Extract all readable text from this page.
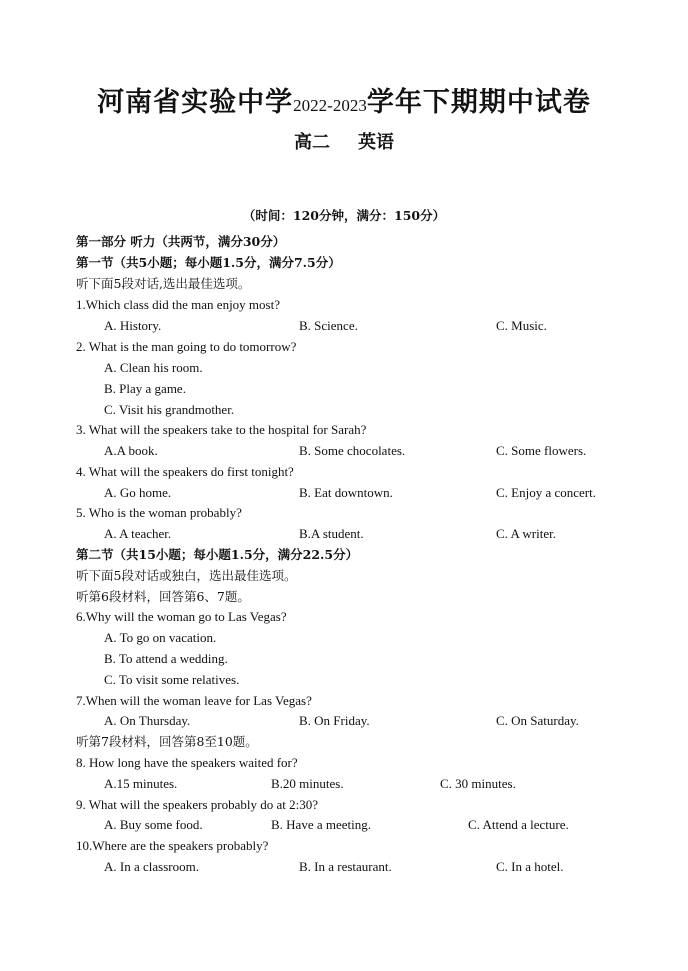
河南省实验中学2022-2023学年下期期中试卷
高二 英语
（时间：120分钟，满分：150分）
第一部分 听力（共两节，满分30分）
第一节（共5小题；每小题1.5分，满分7.5分）
听下面5段对话,选出最佳选项。
1.Which class did the man enjoy most?
A. History.	B. Science.	C. Music.
2. What is the man going to do tomorrow?
A. Clean his room.
B. Play a game.
C. Visit his grandmother.
3. What will the speakers take to the hospital for Sarah?
A.A book.	B. Some chocolates.	C. Some flowers.
4. What will the speakers do first tonight?
A. Go home.	B. Eat downtown.	C. Enjoy a concert.
5. Who is the woman probably?
A. A teacher.	B.A student.	C. A writer.
第二节（共15小题；每小题1.5分，满分22.5分）
听下面5段对话或独白，选出最佳选项。
听第6段材料，回答第6、7题。
6.Why will the woman go to Las Vegas?
A. To go on vacation.
B. To attend a wedding.
C. To visit some relatives.
7.When will the woman leave for Las Vegas?
A. On Thursday.	B. On Friday.	C. On Saturday.
听第7段材料，回答第8至10题。
8. How long have the speakers waited for?
A.15 minutes.	B.20 minutes.	C. 30 minutes.
9. What will the speakers probably do at 2:30?
A. Buy some food.	B. Have a meeting.	C. Attend a lecture.
10.Where are the speakers probably?
A. In a classroom.	B. In a restaurant.	C. In a hotel.
